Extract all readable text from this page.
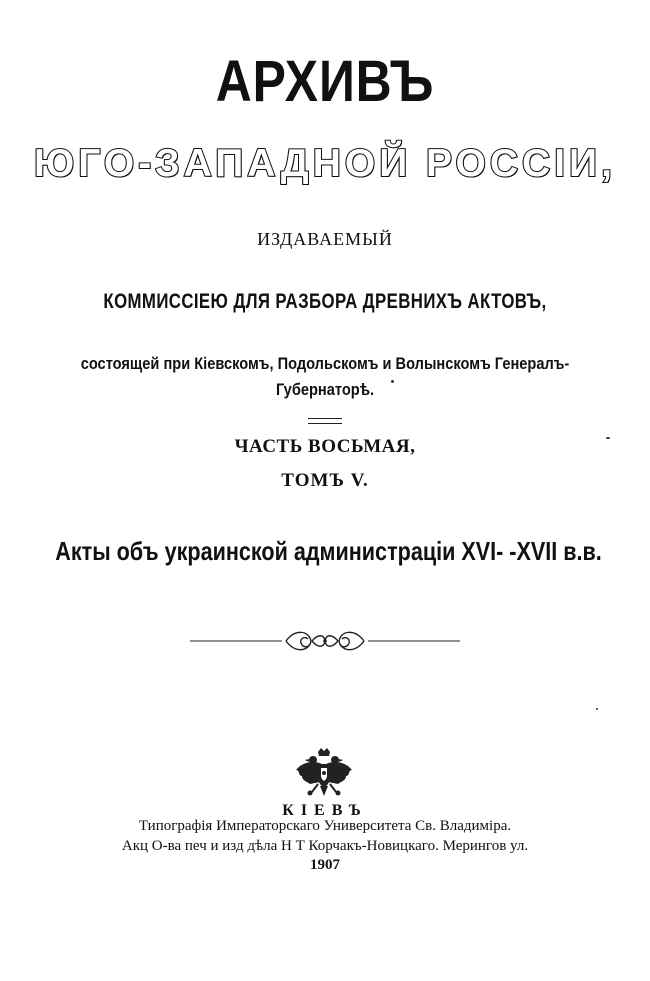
АРХИВЪ
ЮГО-ЗАПАДНОЙ РОССІИ,
ИЗДАВАЕМЫЙ
КОММИССІЕЮ ДЛЯ РАЗБОРА ДРЕВНИХЪ АКТОВЪ,
состоящей при Кіевскомъ, Подольскомъ и Волынскомъ Генералъ-
Губернаторѣ.
ЧАСТЬ ВОСЬМАЯ,
ТОМЪ V.
Акты объ украинской администраціи XVI- -XVII в.в.
КІЕВЪ
Типографія Императорскаго Университета Св. Владиміра.
Акц О-ва печ и изд дѣла Н Т Корчакъ-Новицкаго. Мерингов ул.
1907
